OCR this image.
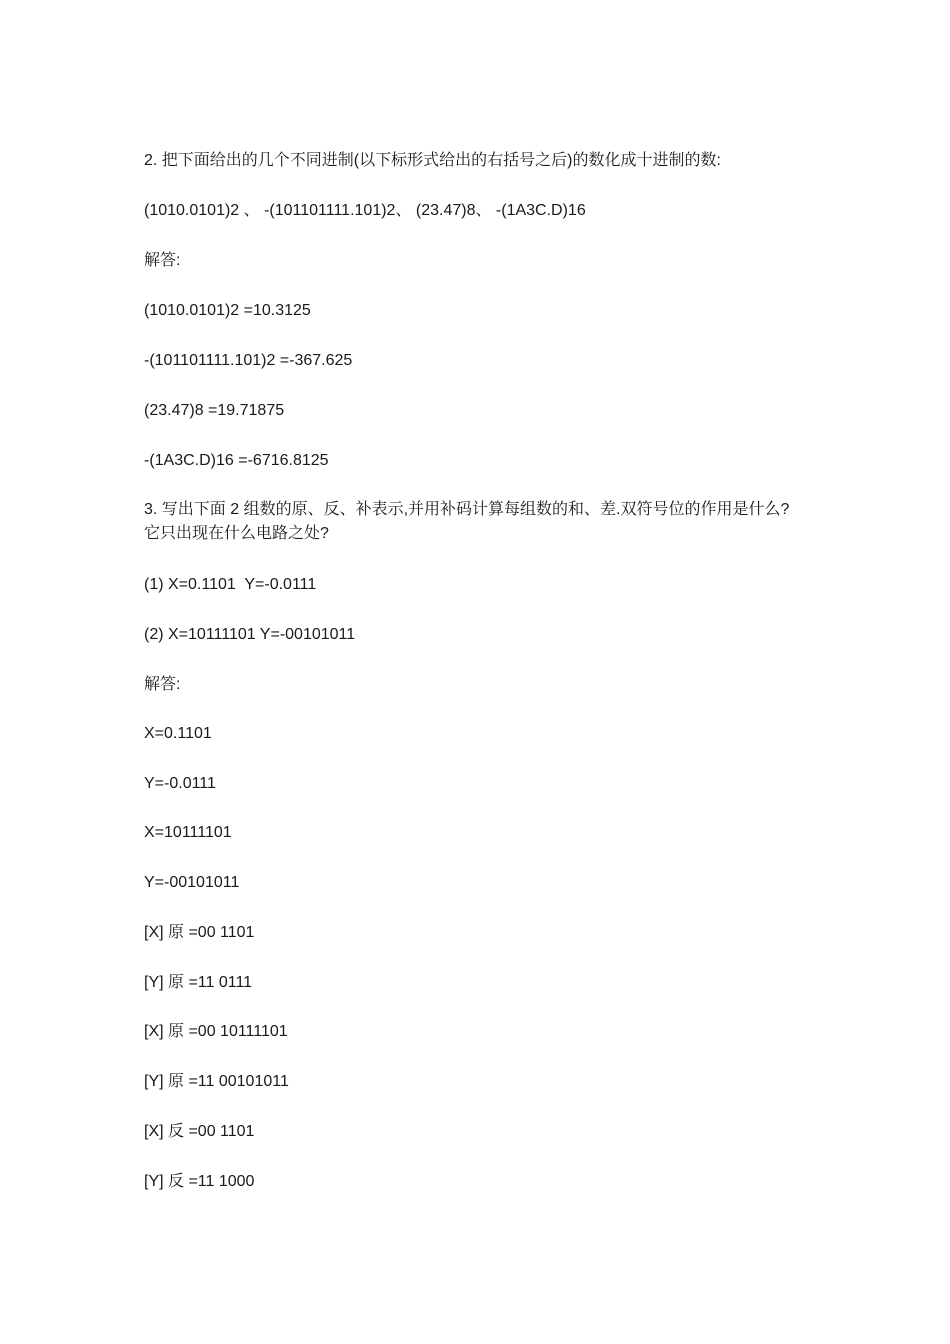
2. 把下面给出的几个不同进制(以下标形式给出的右括号之后)的数化成十进制的数:
(1010.0101)2 、 -(101101111.101)2、 (23.47)8、 -(1A3C.D)16
解答:
(1010.0101)2 =10.3125
-(101101111.101)2 =-367.625
(23.47)8 =19.71875
-(1A3C.D)16 =-6716.8125
3. 写出下面 2 组数的原、反、补表示,并用补码计算每组数的和、差.双符号位的作用是什么?
它只出现在什么电路之处?
(1) X=0.1101  Y=-0.0111
(2) X=10111101 Y=-00101011
解答:
X=0.1101
Y=-0.0111
X=10111101
Y=-00101011
[X] 原 =00 1101
[Y] 原 =11 0111
[X] 原 =00 10111101
[Y] 原 =11 00101011
[X] 反 =00 1101
[Y] 反 =11 1000
